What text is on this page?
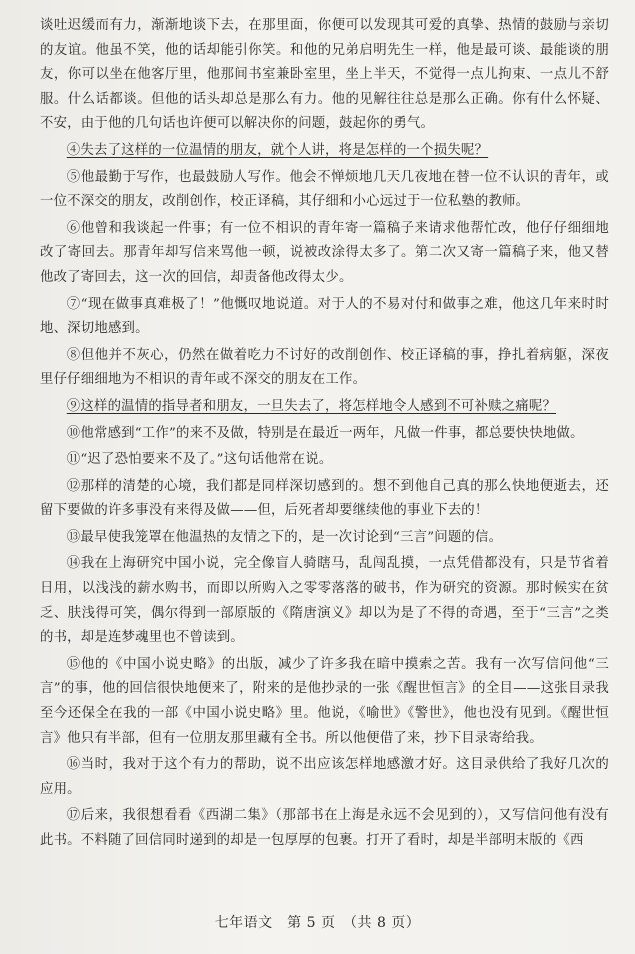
谈吐迟缓而有力，渐渐地谈下去，在那里面，你便可以发现其可爱的真挚、热情的鼓励与亲切的友谊。他虽不笑，他的话却能引你笑。和他的兄弟启明先生一样，他是最可谈、最能谈的朋友，你可以坐在他客厅里，他那间书室兼卧室里，坐上半天，不觉得一点儿拘束、一点儿不舒服。什么话都谈。但他的话头却总是那么有力。他的见解往往总是那么正确。你有什么怀疑、不安，由于他的几句话也许便可以解决你的问题，鼓起你的勇气。

④失去了这样的一位温情的朋友，就个人讲，将是怎样的一个损失呢？

⑤他最勤于写作，也最鼓励人写作。他会不惮烦地几天几夜地在替一位不认识的青年，或一位不深交的朋友，改削创作，校正译稿，其仔细和小心远过于一位私塾的教师。

⑥他曾和我谈起一件事；有一位不相识的青年寄一篇稿子来请求他帮忙改，他仔仔细细地改了寄回去。那青年却写信来骂他一顿，说被改涂得太多了。第二次又寄一篇稿子来，他又替他改了寄回去，这一次的回信，却责备他改得太少。

⑦“现在做事真难极了！”他慨叹地说道。对于人的不易对付和做事之难，他这几年来时时地、深切地感到。

⑧但他并不灰心，仍然在做着吃力不讨好的改削创作、校正译稿的事，挣扎着病躯，深夜里仔仔细细地为不相识的青年或不深交的朋友在工作。

⑨这样的温情的指导者和朋友，一旦失去了，将怎样地令人感到不可补赎之痛呢？

⑩他常感到“工作”的来不及做，特别是在最近一两年，凡做一件事，都总要快快地做。

⑪“迟了恐怕要来不及了。”这句话他常在说。

⑫那样的清楚的心境，我们都是同样深切感到的。想不到他自己真的那么快地便逝去，还留下要做的许多事没有来得及做——但，后死者却要继续他的事业下去的！

⑬最早使我笼罩在他温热的友情之下的，是一次讨论到“三言”问题的信。

⑭我在上海研究中国小说，完全像盲人骑瞎马，乱闯乱摸，一点凭借都没有，只是节省着日用，以浅浅的薪水购书，而即以所购入之零零落落的破书，作为研究的资源。那时候实在贫乏、肤浅得可笑，偶尔得到一部原版的《隋唐演义》却以为是了不得的奇遇，至于“三言”之类的书，却是连梦魂里也不曾读到。

⑮他的《中国小说史略》的出版，减少了许多我在暗中摸索之苦。我有一次写信问他“三言”的事，他的回信很快地便来了，附来的是他抄录的一张《醒世恒言》的全目——这张目录我至今还保全在我的一部《中国小说史略》里。他说，《喻世》《警世》，他也没有见到。《醒世恒言》他只有半部，但有一位朋友那里藏有全书。所以他便借了来，抄下目录寄给我。

⑯当时，我对于这个有力的帮助，说不出应该怎样地感激才好。这目录供给了我好几次的应用。

⑰后来，我很想看看《西湖二集》（那部书在上海是永远不会见到的），又写信问他有没有此书。不料随了回信同时递到的却是一包厚厚的包裹。打开了看时，却是半部明末版的《西

七年语文　第 5 页　（共 8 页）
